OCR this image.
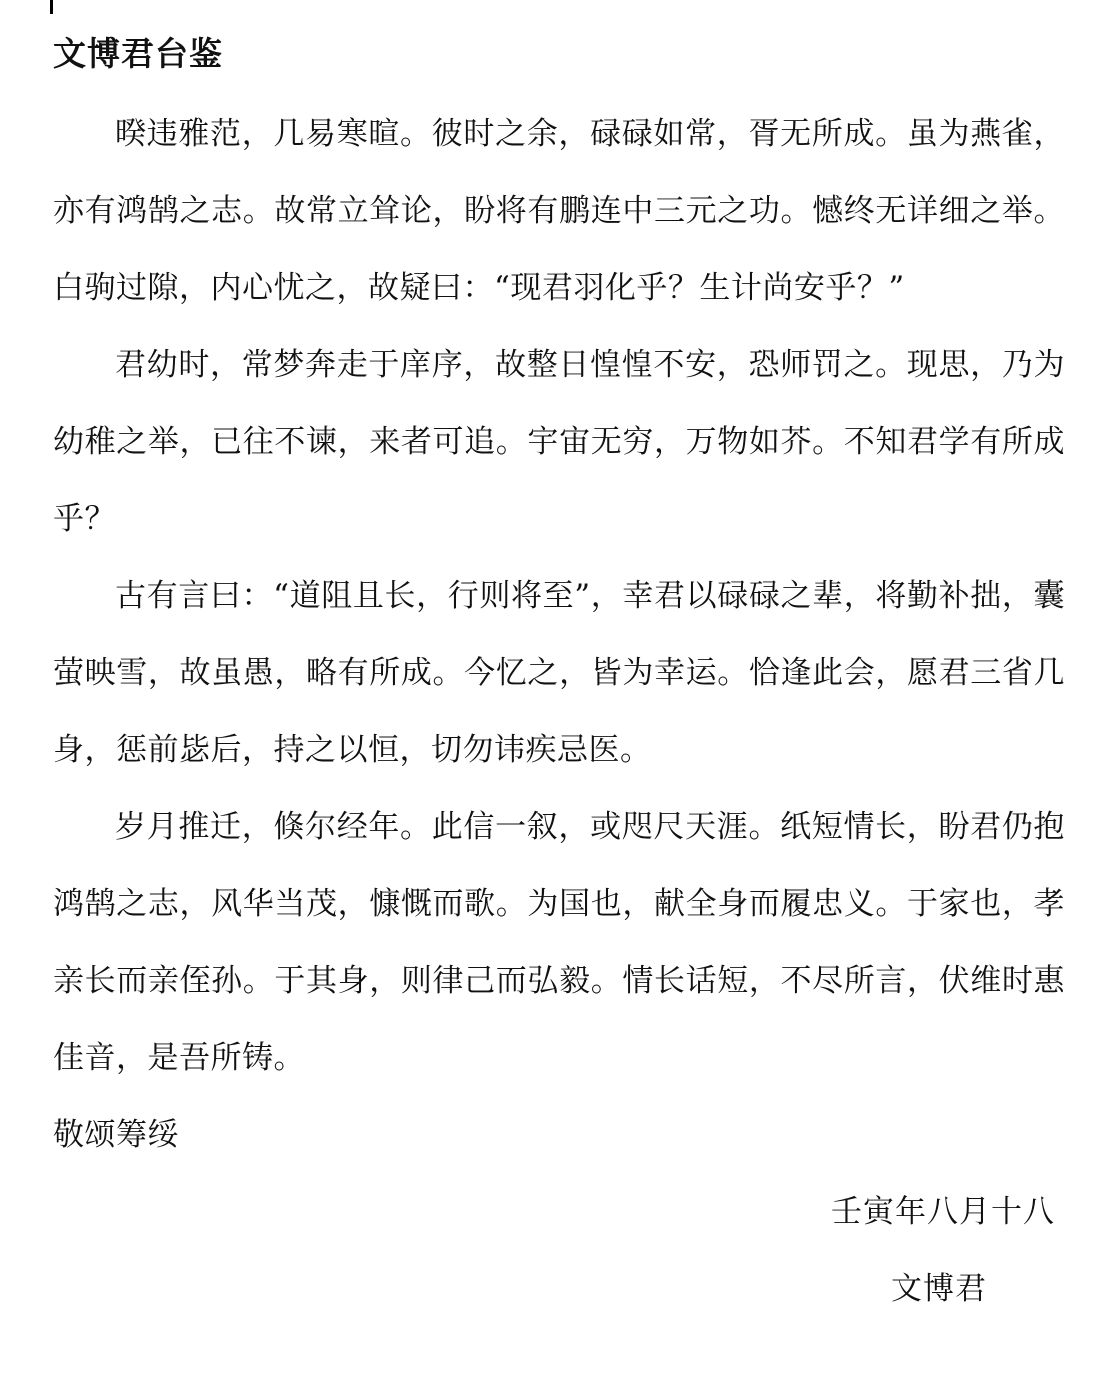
文博君台鉴

暌违雅范，几易寒暄。彼时之余，碌碌如常，胥无所成。虽为燕雀，亦有鸿鹄之志。故常立耸论，盼将有鹏连中三元之功。憾终无详细之举。白驹过隙，内心忧之，故疑曰：“现君羽化乎？生计尚安乎？”

君幼时，常梦奔走于庠序，故整日惶惶不安，恐师罚之。现思，乃为幼稚之举，已往不谏，来者可追。宇宙无穷，万物如芥。不知君学有所成乎？

古有言曰：“道阻且长，行则将至”，幸君以碌碌之辈，将勤补拙，囊萤映雪，故虽愚，略有所成。今忆之，皆为幸运。恰逢此会，愿君三省几身，惩前毖后，持之以恒，切勿讳疾忌医。

岁月推迁，倏尔经年。此信一叙，或咫尺天涯。纸短情长，盼君仍抱鸿鹄之志，风华当茂，慷慨而歌。为国也，献全身而履忠义。于家也，孝亲长而亲侄孙。于其身，则律己而弘毅。情长话短，不尽所言，伏维时惠佳音，是吾所铸。

敬颂筹绥

壬寅年八月十八

文博君
